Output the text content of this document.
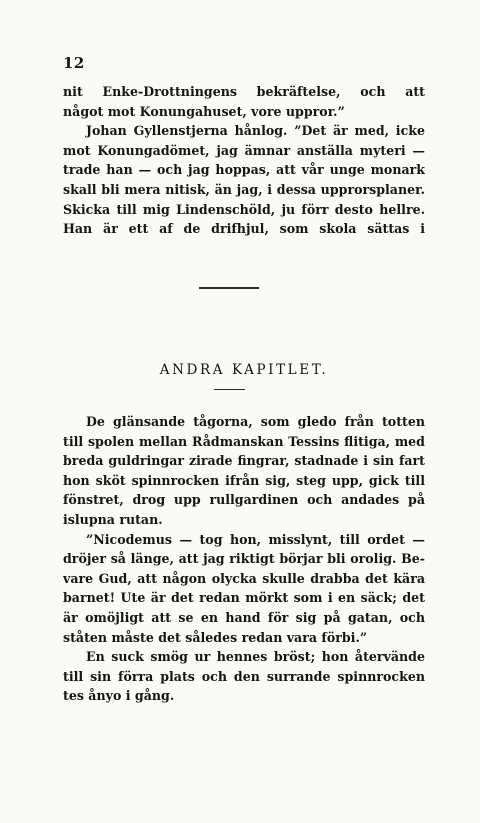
12
nit Enke-Drottningens bekräftelse, och att
något mot Konungahuset, vore uppror.”
Johan Gyllenstjerna hånlog. ”Det är med, icke
mot Konungadömet, jag ämnar anställa myteri —
trade han — och jag hoppas, att vår unge monark
skall bli mera nitisk, än jag, i dessa upprorsplaner.
Skicka till mig Lindenschöld, ju förr desto hellre.
Han är ett af de drifhjul, som skola sättas i
ANDRA KAPITLET.
De glänsande tågorna, som gledo från totten
till spolen mellan Rådmanskan Tessins flitiga, med
breda guldringar zirade fingrar, stadnade i sin fart
hon sköt spinnrocken ifrån sig, steg upp, gick till
fönstret, drog upp rullgardinen och andades på
islupna rutan.
”Nicodemus — tog hon, misslynt, till ordet —
dröjer så länge, att jag riktigt börjar bli orolig. Be-
vare Gud, att någon olycka skulle drabba det kära
barnet! Ute är det redan mörkt som i en säck; det
är omöjligt att se en hand för sig på gatan, och
ståten måste det således redan vara förbi.”
En suck smög ur hennes bröst; hon återvände
till sin förra plats och den surrande spinnrocken
tes ånyo i gång.
